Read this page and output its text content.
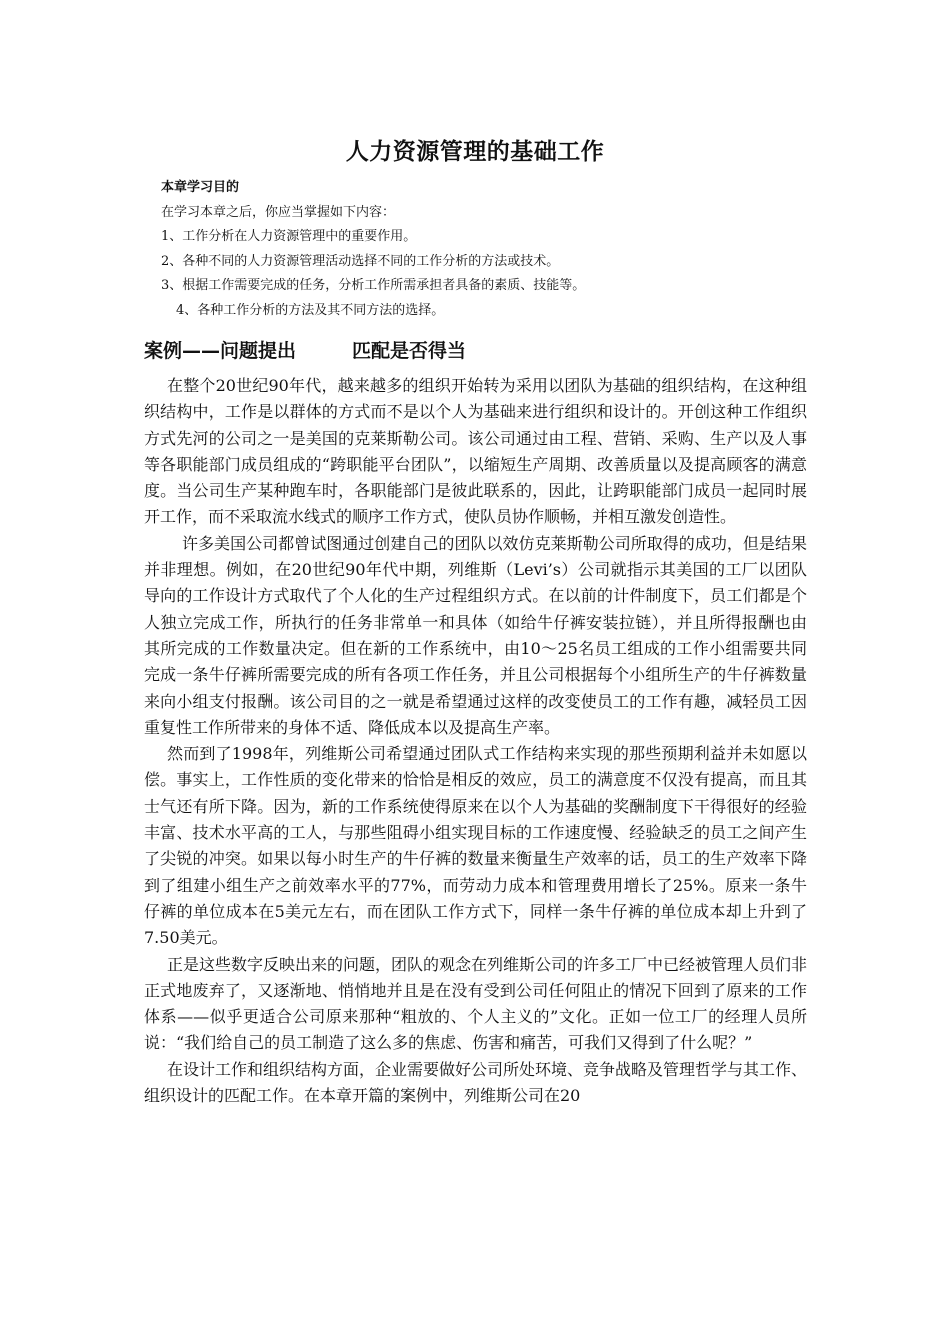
人力资源管理的基础工作
本章学习目的
在学习本章之后，你应当掌握如下内容：
1、工作分析在人力资源管理中的重要作用。
2、各种不同的人力资源管理活动选择不同的工作分析的方法或技术。
3、根据工作需要完成的任务，分析工作所需承担者具备的素质、技能等。
4、各种工作分析的方法及其不同方法的选择。
案例——问题提出	匹配是否得当

在整个20世纪90年代，越来越多的组织开始转为采用以团队为基础的组织结构，在这种组织结构中，工作是以群体的方式而不是以个人为基础来进行组织和设计的。开创这种工作组织方式先河的公司之一是美国的克莱斯勒公司。该公司通过由工程、营销、采购、生产以及人事等各职能部门成员组成的“跨职能平台团队”，以缩短生产周期、改善质量以及提高顾客的满意度。当公司生产某种跑车时，各职能部门是彼此联系的，因此，让跨职能部门成员一起同时展开工作，而不采取流水线式的顺序工作方式，使队员协作顺畅，并相互激发创造性。

许多美国公司都曾试图通过创建自己的团队以效仿克莱斯勒公司所取得的成功，但是结果并非理想。例如，在20世纪90年代中期，列维斯（Levi’s）公司就指示其美国的工厂以团队导向的工作设计方式取代了个人化的生产过程组织方式。在以前的计件制度下，员工们都是个人独立完成工作，所执行的任务非常单一和具体（如给牛仔裤安装拉链），并且所得报酬也由其所完成的工作数量决定。但在新的工作系统中，由10～25名员工组成的工作小组需要共同完成一条牛仔裤所需要完成的所有各项工作任务，并且公司根据每个小组所生产的牛仔裤数量来向小组支付报酬。该公司目的之一就是希望通过这样的改变使员工的工作有趣，减轻员工因重复性工作所带来的身体不适、降低成本以及提高生产率。

然而到了1998年，列维斯公司希望通过团队式工作结构来实现的那些预期利益并未如愿以偿。事实上，工作性质的变化带来的恰恰是相反的效应，员工的满意度不仅没有提高，而且其士气还有所下降。因为，新的工作系统使得原来在以个人为基础的奖酬制度下干得很好的经验丰富、技术水平高的工人，与那些阻碍小组实现目标的工作速度慢、经验缺乏的员工之间产生了尖锐的冲突。如果以每小时生产的牛仔裤的数量来衡量生产效率的话，员工的生产效率下降到了组建小组生产之前效率水平的77%，而劳动力成本和管理费用增长了25%。原来一条牛仔裤的单位成本在5美元左右，而在团队工作方式下，同样一条牛仔裤的单位成本却上升到了7.50美元。

正是这些数字反映出来的问题，团队的观念在列维斯公司的许多工厂中已经被管理人员们非正式地废弃了，又逐渐地、悄悄地并且是在没有受到公司任何阻止的情况下回到了原来的工作体系——似乎更适合公司原来那种“粗放的、个人主义的”文化。正如一位工厂的经理人员所说：“我们给自己的员工制造了这么多的焦虑、伤害和痛苦，可我们又得到了什么呢？”

在设计工作和组织结构方面，企业需要做好公司所处环境、竞争战略及管理哲学与其工作、组织设计的匹配工作。在本章开篇的案例中，列维斯公司在20
